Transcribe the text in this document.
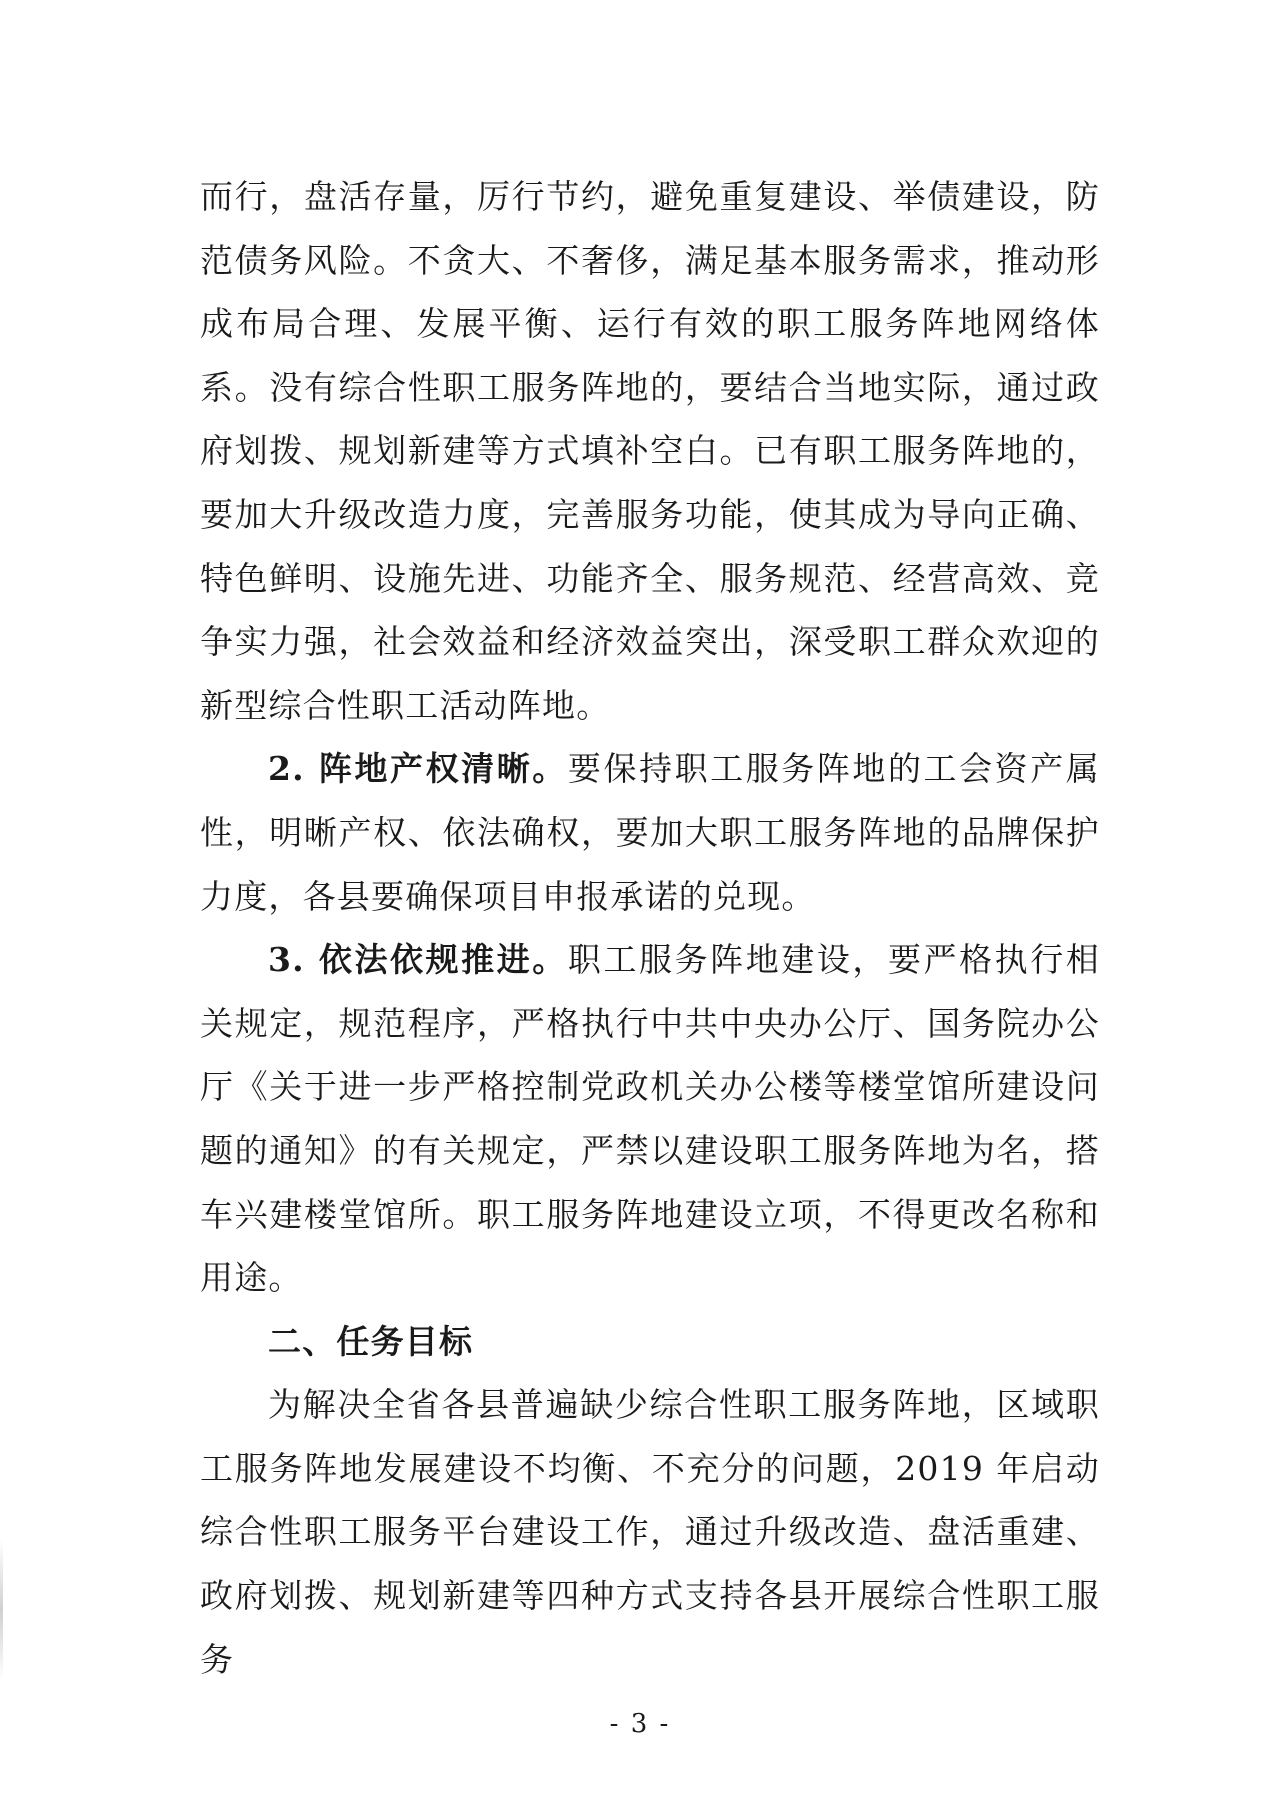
而行，盘活存量，厉行节约，避免重复建设、举债建设，防范债务风险。不贪大、不奢侈，满足基本服务需求，推动形成布局合理、发展平衡、运行有效的职工服务阵地网络体系。没有综合性职工服务阵地的，要结合当地实际，通过政府划拨、规划新建等方式填补空白。已有职工服务阵地的，要加大升级改造力度，完善服务功能，使其成为导向正确、特色鲜明、设施先进、功能齐全、服务规范、经营高效、竞争实力强，社会效益和经济效益突出，深受职工群众欢迎的新型综合性职工活动阵地。

2. 阵地产权清晰。要保持职工服务阵地的工会资产属性，明晰产权、依法确权，要加大职工服务阵地的品牌保护力度，各县要确保项目申报承诺的兑现。

3. 依法依规推进。职工服务阵地建设，要严格执行相关规定，规范程序，严格执行中共中央办公厅、国务院办公厅《关于进一步严格控制党政机关办公楼等楼堂馆所建设问题的通知》的有关规定，严禁以建设职工服务阵地为名，搭车兴建楼堂馆所。职工服务阵地建设立项，不得更改名称和用途。

二、任务目标

为解决全省各县普遍缺少综合性职工服务阵地，区域职工服务阵地发展建设不均衡、不充分的问题，2019 年启动综合性职工服务平台建设工作，通过升级改造、盘活重建、政府划拨、规划新建等四种方式支持各县开展综合性职工服务

- 3 -
